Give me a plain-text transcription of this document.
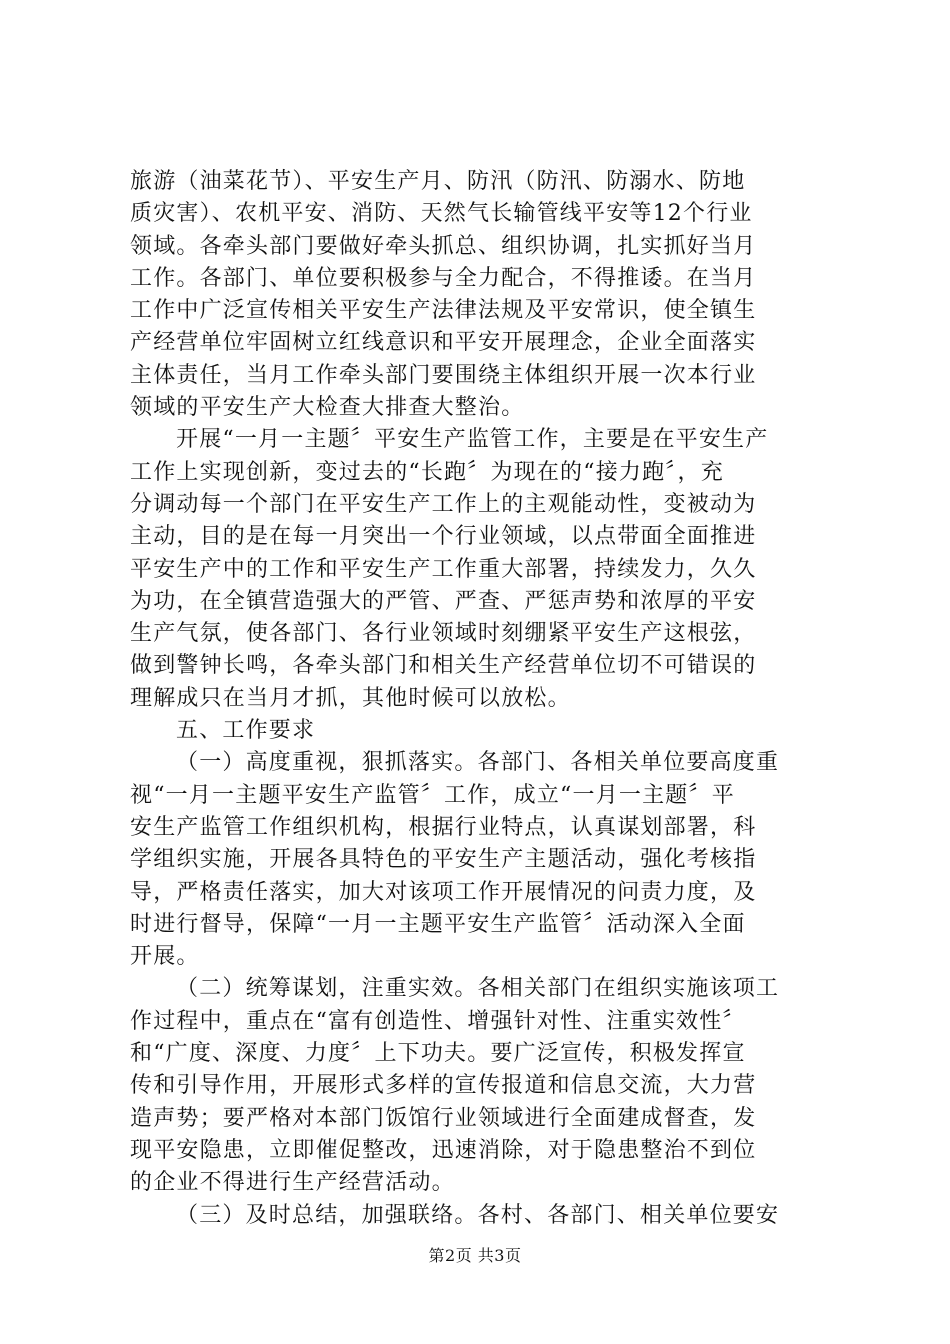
旅游（油菜花节）、平安生产月、防汛（防汛、防溺水、防地
质灾害）、农机平安、消防、天然气长输管线平安等12个行业
领域。各牵头部门要做好牵头抓总、组织协调，扎实抓好当月
工作。各部门、单位要积极参与全力配合，不得推诿。在当月
工作中广泛宣传相关平安生产法律法规及平安常识，使全镇生
产经营单位牢固树立红线意识和平安开展理念，企业全面落实
主体责任，当月工作牵头部门要围绕主体组织开展一次本行业
领域的平安生产大检查大排查大整治。
开展“一月一主题〞平安生产监管工作，主要是在平安生产
工作上实现创新，变过去的“长跑〞为现在的“接力跑〞，充
分调动每一个部门在平安生产工作上的主观能动性，变被动为
主动，目的是在每一月突出一个行业领域，以点带面全面推进
平安生产中的工作和平安生产工作重大部署，持续发力，久久
为功，在全镇营造强大的严管、严查、严惩声势和浓厚的平安
生产气氛，使各部门、各行业领域时刻绷紧平安生产这根弦，
做到警钟长鸣，各牵头部门和相关生产经营单位切不可错误的
理解成只在当月才抓，其他时候可以放松。
五、工作要求
（一）高度重视，狠抓落实。各部门、各相关单位要高度重
视“一月一主题平安生产监管〞工作，成立“一月一主题〞平
安生产监管工作组织机构，根据行业特点，认真谋划部署，科
学组织实施，开展各具特色的平安生产主题活动，强化考核指
导，严格责任落实，加大对该项工作开展情况的问责力度，及
时进行督导，保障“一月一主题平安生产监管〞活动深入全面
开展。
（二）统筹谋划，注重实效。各相关部门在组织实施该项工
作过程中，重点在“富有创造性、增强针对性、注重实效性〞
和“广度、深度、力度〞上下功夫。要广泛宣传，积极发挥宣
传和引导作用，开展形式多样的宣传报道和信息交流，大力营
造声势；要严格对本部门饭馆行业领域进行全面建成督查，发
现平安隐患，立即催促整改，迅速消除，对于隐患整治不到位
的企业不得进行生产经营活动。
（三）及时总结，加强联络。各村、各部门、相关单位要安
第2页 共3页
